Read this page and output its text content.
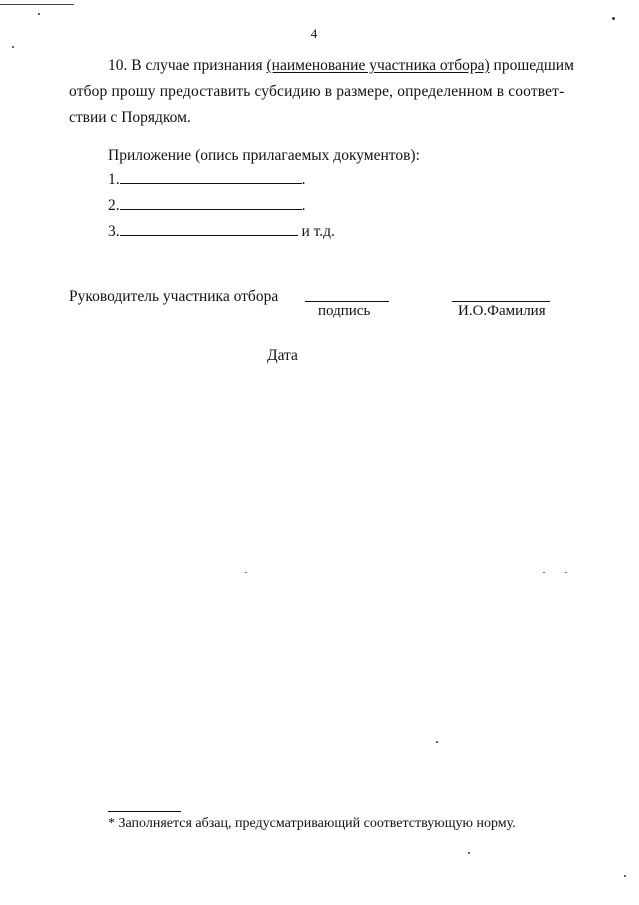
4
10. В случае признания (наименование участника отбора) прошедшим
отбор прошу предоставить субсидию в размере, определенном в соответ-
ствии с Порядком.
Приложение (опись прилагаемых документов):
1.	.
2.	.
3.	и т.д.
Руководитель участника отбора
подпись	И.О.Фамилия
Дата
* Заполняется абзац, предусматривающий соответствующую норму.
